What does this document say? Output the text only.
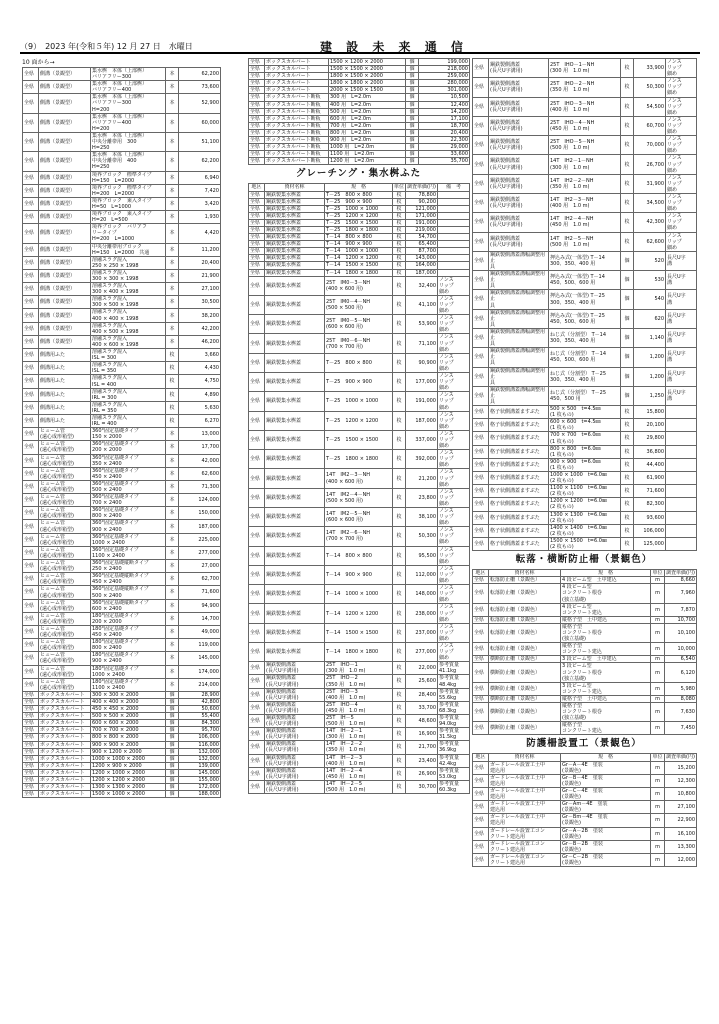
（9）　2023 年(令和５年) 12 月 27 日　水曜日	建 設 未 来 通 信
10 面から→
全県	側溝（景観型）	集水桝　本体（上部桝）
バリアフリー300	本	62,200
全県	側溝（景観型）	集水桝　本体（上部桝）
バリアフリー400	本	73,600
全県	側溝（景観型）	集水桝　本体（上部桝）
バリアフリー300
H=200	本	52,900
全県	側溝（景観型）	集水桝　本体（上部桝）
バリアフリー400
H=200	本	60,000
全県	側溝（景観型）	集水桝　本体（上部桝）
中央分離帯用　300
H=250	本	51,100
全県	側溝（景観型）	集水桝　本体（上部桝）
中央分離帯用　400
H=250	本	62,200
全県	側溝（景観型）	境界ブロック　標準タイプ
H=150　L=2000	本	6,940
全県	側溝（景観型）	境界ブロック　標準タイプ
H=200　L=2000	本	7,420
全県	側溝（景観型）	境界ブロック　乗入タイプ
H=50　L=1000	本	3,420
全県	側溝（景観型）	境界ブロック　乗入タイプ
H=20　L=500	本	1,930
全県	側溝（景観型）	境界ブロック　バリアフ
リータイプ
H=200　L=1000	本	4,420
全県	側溝（景観型）	中央分離帯用ブロック
H=150　L=2000　共通	本	11,200
全県	側溝（景観型）	溶融スラグ混入
250 × 250 × 1998	本	20,400
全県	側溝（景観型）	溶融スラグ混入
300 × 300 × 1998	本	21,900
全県	側溝（景観型）	溶融スラグ混入
300 × 400 × 1998	本	27,100
全県	側溝（景観型）	溶融スラグ混入
300 × 500 × 1998	本	30,500
全県	側溝（景観型）	溶融スラグ混入
400 × 400 × 1998	本	38,200
全県	側溝（景観型）	溶融スラグ混入
400 × 500 × 1998	本	42,200
全県	側溝（景観型）	溶融スラグ混入
400 × 600 × 1998	本	46,200
全県	側溝用ふた	溶融スラグ混入
ISL = 300	枚	3,660
全県	側溝用ふた	溶融スラグ混入
ISL = 350	枚	4,430
全県	側溝用ふた	溶融スラグ混入
ISL = 400	枚	4,750
全県	側溝用ふた	溶融スラグ混入
IRL = 300	枚	4,890
全県	側溝用ふた	溶融スラグ混入
IRL = 350	枚	5,630
全県	側溝用ふた	溶融スラグ混入
IRL = 400	枚	6,270
全県	ヒューム管
(遠心成形箱型)	360°固定基礎タイプ
150 × 2000	本	13,000
全県	ヒューム管
(遠心成形箱型)	360°固定基礎タイプ
200 × 2000	本	17,700
全県	ヒューム管
(遠心成形箱型)	360°固定基礎タイプ
350 × 2400	本	42,000
全県	ヒューム管
(遠心成形箱型)	360°固定基礎タイプ
450 × 2400	本	62,600
全県	ヒューム管
(遠心成形箱型)	360°固定基礎タイプ
500 × 2400	本	71,300
全県	ヒューム管
(遠心成形箱型)	360°固定基礎タイプ
700 × 2400	本	124,000
全県	ヒューム管
(遠心成形箱型)	360°固定基礎タイプ
800 × 2400	本	150,000
全県	ヒューム管
(遠心成形箱型)	360°固定基礎タイプ
900 × 2400	本	187,000
全県	ヒューム管
(遠心成形箱型)	360°固定基礎タイプ
1000 × 2400	本	225,000
全県	ヒューム管
(遠心成形箱型)	360°固定基礎タイプ
1100 × 2400	本	277,000
全県	ヒューム管
(遠心成形箱型)	360°固定基礎縦断タイプ
250 × 2400	本	27,000
全県	ヒューム管
(遠心成形箱型)	360°固定基礎縦断タイプ
450 × 2400	本	62,700
全県	ヒューム管
(遠心成形箱型)	360°固定基礎縦断タイプ
500 × 2400	本	71,600
全県	ヒューム管
(遠心成形箱型)	360°固定基礎縦断タイプ
600 × 2400	本	94,900
全県	ヒューム管
(遠心成形箱型)	180°固定基礎タイプ
200 × 2000	本	14,700
全県	ヒューム管
(遠心成形箱型)	180°固定基礎タイプ
450 × 2400	本	49,000
全県	ヒューム管
(遠心成形箱型)	180°固定基礎タイプ
800 × 2400	本	119,000
全県	ヒューム管
(遠心成形箱型)	180°固定基礎タイプ
900 × 2400	本	145,000
全県	ヒューム管
(遠心成形箱型)	180°固定基礎タイプ
1000 × 2400	本	174,000
全県	ヒューム管
(遠心成形箱型)	180°固定基礎タイプ
1100 × 2400	本	214,000
全県	ボックスカルバート	300 × 300 × 2000	個	28,900
全県	ボックスカルバート	400 × 400 × 2000	個	42,800
全県	ボックスカルバート	450 × 450 × 2000	個	50,600
全県	ボックスカルバート	500 × 500 × 2000	個	55,400
全県	ボックスカルバート	600 × 600 × 2000	個	84,300
全県	ボックスカルバート	700 × 700 × 2000	個	95,700
全県	ボックスカルバート	800 × 800 × 2000	個	106,000
全県	ボックスカルバート	900 × 900 × 2000	個	116,000
全県	ボックスカルバート	900 × 1200 × 2000	個	132,000
全県	ボックスカルバート	1000 × 1000 × 2000	個	132,000
全県	ボックスカルバート	1200 × 900 × 2000	個	139,000
全県	ボックスカルバート	1200 × 1000 × 2000	個	145,000
全県	ボックスカルバート	1200 × 1200 × 2000	個	155,000
全県	ボックスカルバート	1300 × 1300 × 2000	個	172,000
全県	ボックスカルバート	1500 × 1000 × 2000	個	188,000
全県	ボックスカルバート	1500 × 1200 × 2000	個	199,000
全県	ボックスカルバート	1500 × 1500 × 2000	個	218,000
全県	ボックスカルバート	1800 × 1500 × 2000	個	259,000
全県	ボックスカルバート	1800 × 1800 × 2000	個	280,000
全県	ボックスカルバート	2000 × 1500 × 1500	個	301,000
全県	ボックスカルバート断板	300 用　L=2.0m	個	10,500
全県	ボックスカルバート断板	400 用　L=2.0m	個	12,400
全県	ボックスカルバート断板	500 用　L=2.0m	個	14,200
全県	ボックスカルバート断板	600 用　L=2.0m	個	17,100
全県	ボックスカルバート断板	700 用　L=2.0m	個	18,700
全県	ボックスカルバート断板	800 用　L=2.0m	個	20,400
全県	ボックスカルバート断板	900 用　L=2.0m	個	22,300
全県	ボックスカルバート断板	1000 用　L=2.0m	個	29,000
全県	ボックスカルバート断板	1100 用　L=2.0m	個	33,600
全県	ボックスカルバート断板	1200 用　L=2.0m	個	35,700
グレーチング・集水桝ふた
地区	資材名称	規　格	単位	調査単価(円)	備　考
全県	鋼鉄製集水桝蓋	T－25　800 × 800	枚	78,800	
全県	鋼鉄製集水桝蓋	T－25　900 × 900	枚	90,200	
全県	鋼鉄製集水桝蓋	T－25　1000 × 1000	枚	121,000	
全県	鋼鉄製集水桝蓋	T－25　1200 × 1200	枚	171,000	
全県	鋼鉄製集水桝蓋	T－25　1500 × 1500	枚	191,000	
全県	鋼鉄製集水桝蓋	T－25　1800 × 1800	枚	219,000	
全県	鋼鉄製集水桝蓋	T－14　800 × 800	枚	54,700	
全県	鋼鉄製集水桝蓋	T－14　900 × 900	枚	65,400	
全県	鋼鉄製集水桝蓋	T－14　1000 × 1000	枚	87,700	
全県	鋼鉄製集水桝蓋	T－14　1200 × 1200	枚	143,000	
全県	鋼鉄製集水桝蓋	T－14　1500 × 1500	枚	164,000	
全県	鋼鉄製集水桝蓋	T－14　1800 × 1800	枚	187,000	
全県	鋼鉄製集水桝蓋	25T　IM0－3－NH
(400 × 600 用)	枚	32,400	ノンス
リップ
細め
全県	鋼鉄製集水桝蓋	25T　IM0－4－NH
(500 × 500 用)	枚	41,100	ノンス
リップ
細め
全県	鋼鉄製集水桝蓋	25T　IM0－5－NH
(600 × 600 用)	枚	53,900	ノンス
リップ
細め
全県	鋼鉄製集水桝蓋	25T　IM0－6－NH
(700 × 700 用)	枚	71,100	ノンス
リップ
細め
全県	鋼鉄製集水桝蓋	T－25　800 × 800	枚	90,900	ノンス
リップ
細め
全県	鋼鉄製集水桝蓋	T－25　900 × 900	枚	177,000	ノンス
リップ
細め
全県	鋼鉄製集水桝蓋	T－25　1000 × 1000	枚	191,000	ノンス
リップ
細め
全県	鋼鉄製集水桝蓋	T－25　1200 × 1200	枚	187,000	ノンス
リップ
細め
全県	鋼鉄製集水桝蓋	T－25　1500 × 1500	枚	337,000	ノンス
リップ
細め
全県	鋼鉄製集水桝蓋	T－25　1800 × 1800	枚	392,000	ノンス
リップ
細め
全県	鋼鉄製集水桝蓋	14T　IM2－3－NH
(400 × 600 用)	枚	21,200	ノンス
リップ
細め
全県	鋼鉄製集水桝蓋	14T　IM2－4－NH
(500 × 500 用)	枚	23,800	ノンス
リップ
細め
全県	鋼鉄製集水桝蓋	14T　IM2－5－NH
(600 × 600 用)	枚	38,100	ノンス
リップ
細め
全県	鋼鉄製集水桝蓋	14T　IM2－6－NH
(700 × 700 用)	枚	50,300	ノンス
リップ
細め
全県	鋼鉄製集水桝蓋	T－14　800 × 800	枚	95,500	ノンス
リップ
細め
全県	鋼鉄製集水桝蓋	T－14　900 × 900	枚	112,000	ノンス
リップ
細め
全県	鋼鉄製集水桝蓋	T－14　1000 × 1000	枚	148,000	ノンス
リップ
細め
全県	鋼鉄製集水桝蓋	T－14　1200 × 1200	枚	238,000	ノンス
リップ
細め
全県	鋼鉄製集水桝蓋	T－14　1500 × 1500	枚	237,000	ノンス
リップ
細め
全県	鋼鉄製集水桝蓋	T－14　1800 × 1800	枚	277,000	ノンス
リップ
細め
全県	鋼鉄製側溝蓋
(長尺U字溝用)	25T　IHO－1
(300 用　1.0 m)	枚	22,000	参考質量
41.1kg
全県	鋼鉄製側溝蓋
(長尺U字溝用)	25T　IHO－2
(350 用　1.0 m)	枚	25,600	参考質量
48.4kg
全県	鋼鉄製側溝蓋
(長尺U字溝用)	25T　IHO－3
(400 用　1.0 m)	枚	28,400	参考質量
55.6kg
全県	鋼鉄製側溝蓋
(長尺U字溝用)	25T　IHO－4
(450 用　1.0 m)	枚	33,700	参考質量
68.3kg
全県	鋼鉄製側溝蓋
(長尺U字溝用)	25T　IH－5
(500 用　1.0 m)	枚	48,600	参考質量
94.0kg
全県	鋼鉄製側溝蓋
(長尺U字溝用)	14T　IH－2－1
(300 用　1.0 m)	枚	16,900	参考質量
31.5kg
全県	鋼鉄製側溝蓋
(長尺U字溝用)	14T　IH－2－2
(350 用　1.0 m)	枚	21,700	参考質量
36.9kg
全県	鋼鉄製側溝蓋
(長尺U字溝用)	14T　IH－2－3
(400 用　1.0 m)	枚	23,400	参考質量
42.4kg
全県	鋼鉄製側溝蓋
(長尺U字溝用)	14T　IH－2－4
(450 用　1.0 m)	枚	26,900	参考質量
53.0kg
全県	鋼鉄製側溝蓋
(長尺U字溝用)	14T　IH－2－5
(500 用　1.0 m)	枚	30,700	参考質量
60.3kg
全県	鋼鉄製側溝蓋
(長尺U字溝用)	25T　IHO－1－NH
(300 用　1.0 m)	枚	33,900	ノンス
リップ
細め
全県	鋼鉄製側溝蓋
(長尺U字溝用)	25T　IHO－2－NH
(350 用　1.0 m)	枚	50,300	ノンス
リップ
細め
全県	鋼鉄製側溝蓋
(長尺U字溝用)	25T　IHO－3－NH
(400 用　1.0 m)	枚	54,500	ノンス
リップ
細め
全県	鋼鉄製側溝蓋
(長尺U字溝用)	25T　IHO－4－NH
(450 用　1.0 m)	枚	60,700	ノンス
リップ
細め
全県	鋼鉄製側溝蓋
(長尺U字溝用)	25T　IHO－5－NH
(500 用　1.0 m)	枚	70,000	ノンス
リップ
細め
全県	鋼鉄製側溝蓋
(長尺U字溝用)	14T　IH2－1－NH
(300 用　1.0 m)	枚	26,700	ノンス
リップ
細め
全県	鋼鉄製側溝蓋
(長尺U字溝用)	14T　IH2－2－NH
(350 用　1.0 m)	枚	31,900	ノンス
リップ
細め
全県	鋼鉄製側溝蓋
(長尺U字溝用)	14T　IH2－3－NH
(400 用　1.0 m)	枚	34,500	ノンス
リップ
細め
全県	鋼鉄製側溝蓋
(長尺U字溝用)	14T　IH2－4－NH
(450 用　1.0 m)	枚	42,300	ノンス
リップ
細め
全県	鋼鉄製側溝蓋
(長尺U字溝用)	14T　IH2－5－NH
(500 用　1.0 m)	枚	62,600	ノンス
リップ
細め
全県	鋼鉄製側溝蓋溝幅調整用止
具	押込み式(一体型) T－14
300、350、400 用	個	520	長尺U字
溝
全県	鋼鉄製側溝蓋溝幅調整用止
具	押込み式(一体型) T－14
450、500、600 用	個	530	長尺U字
溝
全県	鋼鉄製側溝蓋溝幅調整用止
具	押込み式(一体型) T－25
300、350、400 用	個	540	長尺U字
溝
全県	鋼鉄製側溝蓋溝幅調整用止
具	押込み式(一体型) T－25
450、500、600 用	個	620	長尺U字
溝
全県	鋼鉄製側溝蓋溝幅調整用止
具	ねじ式（分割型） T－14
300、350、400 用	個	1,140	長尺U字
溝
全県	鋼鉄製側溝蓋溝幅調整用止
具	ねじ式（分割型） T－14
450、500、600 用	個	1,200	長尺U字
溝
全県	鋼鉄製側溝蓋溝幅調整用止
具	ねじ式（分割型） T－25
300、350、400 用	個	1,200	長尺U字
溝
全県	鋼鉄製側溝蓋溝幅調整用止
具	ねじ式（分割型） T－25
450、500 用	個	1,250	長尺U字
溝
全県	格子状側溝蓋ますぶた	500 × 500　t=4.5㎜
(1 枚もの)	枚	15,800	
全県	格子状側溝蓋ますぶた	600 × 600　t=4.5㎜
(1 枚もの)	枚	20,100	
全県	格子状側溝蓋ますぶた	700 × 700　t=6.0㎜
(1 枚もの)	枚	29,800	
全県	格子状側溝蓋ますぶた	800 × 800　t=6.0㎜
(1 枚もの)	枚	36,800	
全県	格子状側溝蓋ますぶた	900 × 900　t=6.0㎜
(1 枚もの)	枚	44,400	
全県	格子状側溝蓋ますぶた	1000 × 1000　t=6.0㎜
(2 枚もの)	枚	61,900	
全県	格子状側溝蓋ますぶた	1100 × 1100　t=6.0㎜
(2 枚もの)	枚	71,600	
全県	格子状側溝蓋ますぶた	1200 × 1200　t=6.0㎜
(2 枚もの)	枚	82,300	
全県	格子状側溝蓋ますぶた	1300 × 1300　t=6.0㎜
(2 枚もの)	枚	93,600	
全県	格子状側溝蓋ますぶた	1400 × 1400　t=6.0㎜
(2 枚もの)	枚	106,000	
全県	格子状側溝蓋ますぶた	1500 × 1500　t=6.0㎜
(2 枚もの)	枚	125,000	
転落・横断防止柵（景観色）
地区	資材名称	規　格	単位	調査単価(円)
全県	転落防止柵（景観色）	4 段ビーム型　土中建込	m	8,660
全県	転落防止柵（景観色）	4 段ビーム型
コンクリート根巻
(独立基礎)	m	7,960
全県	転落防止柵（景観色）	4 段ビーム型
コンクリート建込	m	7,870
全県	転落防止柵（景観色）	縦格子型　土中建込	m	10,700
全県	転落防止柵（景観色）	縦格子型
コンクリート根巻
(独立基礎)	m	10,100
全県	転落防止柵（景観色）	縦格子型
コンクリート建込	m	10,000
全県	横断防止柵（景観色）	3 段ビーム型　土中建込	m	6,540
全県	横断防止柵（景観色）	3 段ビーム型
コンクリート根巻
(独立基礎)	m	6,120
全県	横断防止柵（景観色）	3 段ビーム型
コンクリート建込	m	5,980
全県	横断防止柵（景観色）	縦格子型　土中建込	m	8,080
全県	横断防止柵（景観色）	縦格子型
コンクリート根巻
(独立基礎)	m	7,630
全県	横断防止柵（景観色）	縦格子型
コンクリート建込	m	7,450
防護柵設置工（景観色）
地区	資材名称	規　格	単位	調査単価(円)
全県	ガードレール設置工土中
建込用	Gr－A－4E　塗装
(景観色)	m	15,200
全県	ガードレール設置工土中
建込用	Gr－B－4E　塗装
(景観色)	m	12,300
全県	ガードレール設置工土中
建込用	Gr－C－4E　塗装
(景観色)	m	10,800
全県	ガードレール設置工土中
建込用	Gr－Am－4E　塗装
(景観色)	m	27,100
全県	ガードレール設置工土中
建込用	Gr－Bm－4E　塗装
(景観色)	m	22,900
全県	ガードレール設置工コン
クリート建込用	Gr－A－2B　塗装
(景観色)	m	16,100
全県	ガードレール設置工コン
クリート建込用	Gr－B－2B　塗装
(景観色)	m	13,300
全県	ガードレール設置工コン
クリート建込用	Gr－C－2B　塗装
(景観色)	m	12,000
